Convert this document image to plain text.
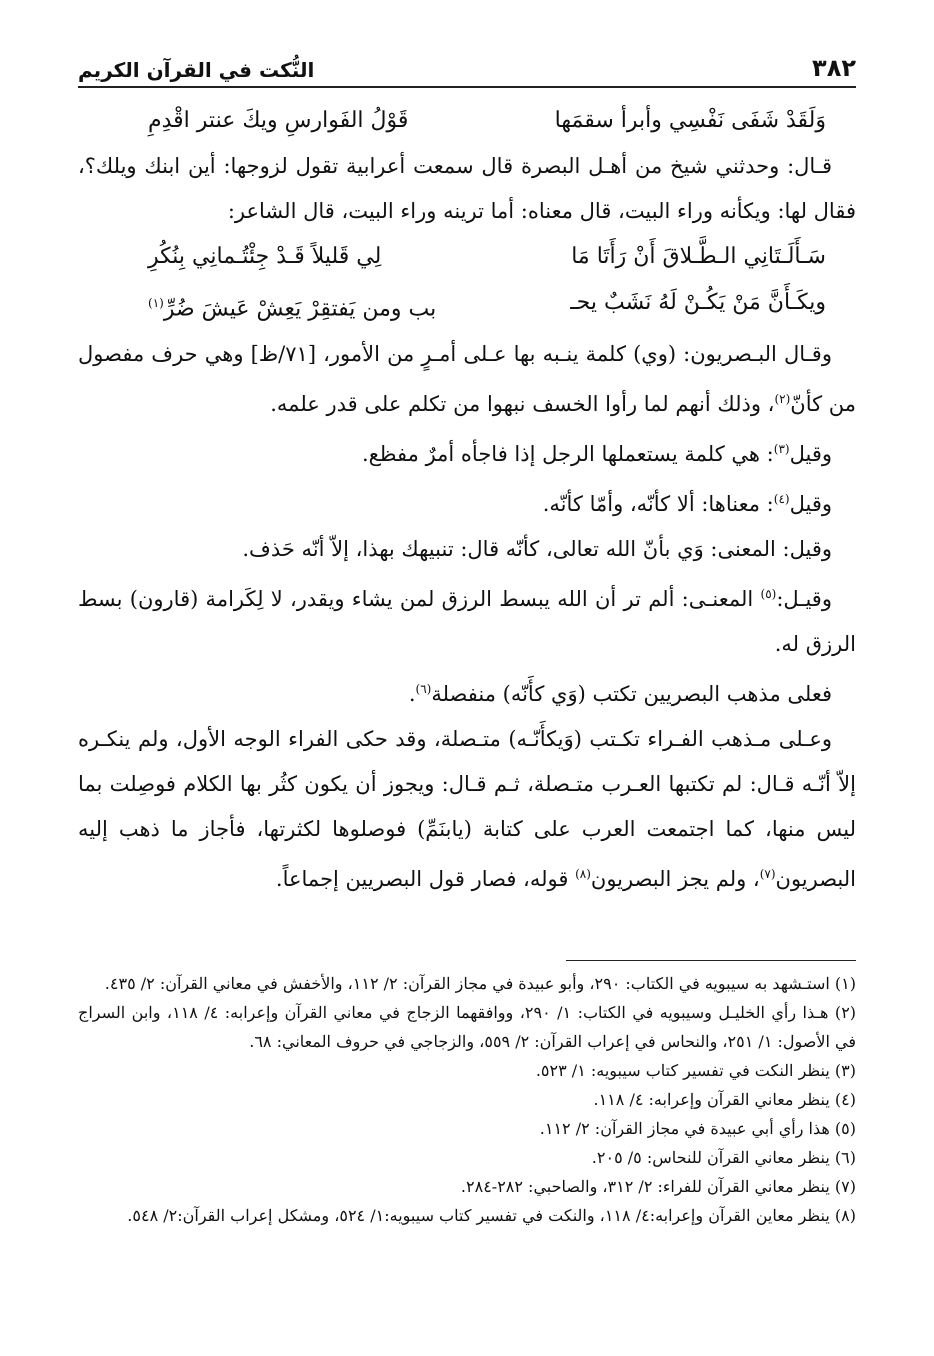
٣٨٢
النُّكت في القرآن الكريم
وَلَقَدْ شَفَى نَفْسِي وأبرأ سقمَها
قَوْلُ الفَوارسِ ويكَ عنتر اقْدِمِ

قـال: وحدثني شيخ من أهـل البصرة قال سمعت أعرابية تقول لزوجها: أين ابنك ويلك؟، فقال لها: ويكأنه وراء البيت، قال معناه: أما ترينه وراء البيت، قال الشاعر:

سَـأَلَـتَانِي الـطَّـلاقَ أَنْ رَأَتَا مَا
لِي قَليلاً قَـدْ جِئْتُـمانِي بِنُكُرِ
ويكَـأَنَّ مَنْ يَكُـنْ لَهُ نَشَبٌ يحـ
بب ومن يَفتقِرْ يَعِشْ عَيشَ ضُرِّ$^{(١)}$

وقـال البـصريون: (وي) كلمة ينـبه بها عـلى أمـرٍ من الأمور، [٧١/ظ] وهي حرف مفصول من كأنّ$^{(٢)}$، وذلك أنهم لما رأوا الخسف نبهوا من تكلم على قدر علمه.

وقيل$^{(٣)}$: هي كلمة يستعملها الرجل إذا فاجأه أمرٌ مفظع.

وقيل$^{(٤)}$: معناها: ألا كأنّه، وأمّا كأنّه.

وقيل: المعنى: وَي بأنّ الله تعالى، كأنّه قال: تنبيهك بهذا، إلاّ أنّه حَذف.

وقيـل:$^{(٥)}$ المعنـى: ألم تر أن الله يبسط الرزق لمن يشاء ويقدر، لا لِكَرامة (قارون) بسط الرزق له.

فعلى مذهب البصريين تكتب (وَي كأَنّه) منفصلة$^{(٦)}$.

وعـلى مـذهب الفـراء تكـتب (وَيكأَنّـه) متـصلة، وقد حكى الفراء الوجه الأول، ولم ينكـره إلاّ أنّـه قـال: لم تكتبها العـرب متـصلة، ثـم قـال: ويجوز أن يكون كثُر بها الكلام فوصِلت بما ليس منها، كما اجتمعت العرب على كتابة (يابنَمِّ) فوصلوها لكثرتها، فأجاز ما ذهب إليه البصريون$^{(٧)}$، ولم يجز البصريون$^{(٨)}$ قوله، فصار قول البصريين إجماعاً.

(١) استـشهد به سيبويه في الكتاب: ٢٩٠، وأبو عبيدة في مجاز القرآن: ٢/ ١١٢، والأخفش في معاني القرآن: ٢/ ٤٣٥.

(٢) هـذا رأي الخليـل وسيبويه في الكتاب: ١/ ٢٩٠، ووافقهما الزجاج في معاني القرآن وإعرابه: ٤/ ١١٨، وابن السراج في الأصول: ١/ ٢٥١، والنحاس في إعراب القرآن: ٢/ ٥٥٩، والزجاجي في حروف المعاني: ٦٨.

(٣) ينظر النكت في تفسير كتاب سيبويه: ١/ ٥٢٣.

(٤) ينظر معاني القرآن وإعرابه: ٤/ ١١٨.

(٥) هذا رأي أبي عبيدة في مجاز القرآن: ٢/ ١١٢.

(٦) ينظر معاني القرآن للنحاس: ٥/ ٢٠٥.

(٧) ينظر معاني القرآن للفراء: ٢/ ٣١٢، والصاحبي: ٢٨٢-٢٨٤.

(٨) ينظر معاين القرآن وإعرابه:٤/ ١١٨، والنكت في تفسير كتاب سيبويه:١/ ٥٢٤، ومشكل إعراب القرآن:٢/ ٥٤٨.
